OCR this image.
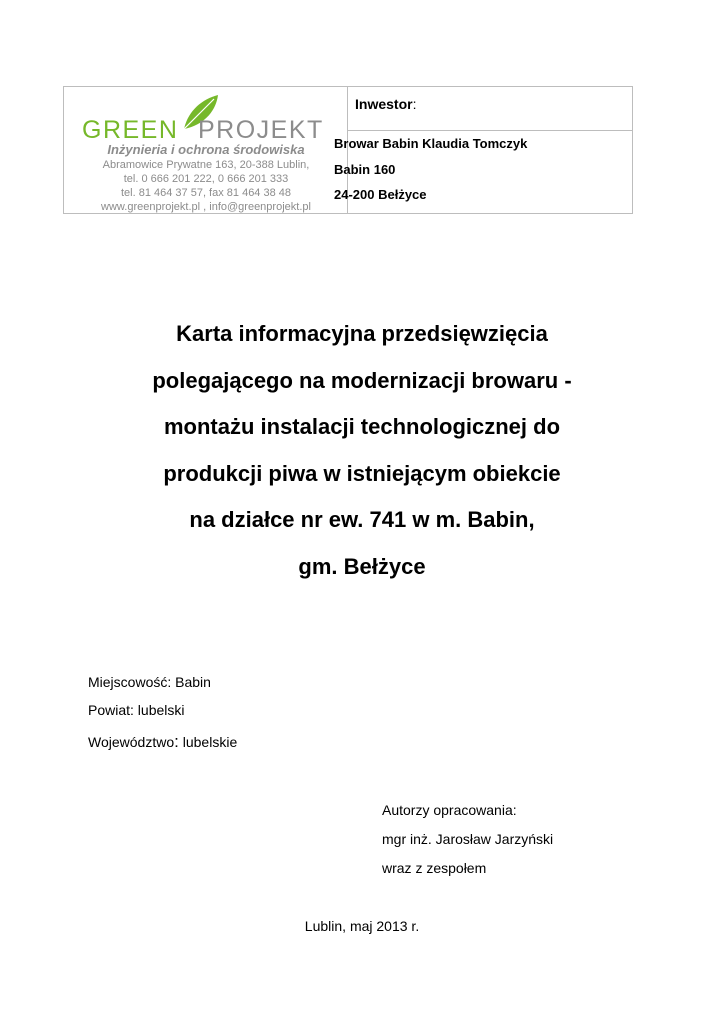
GREEN PROJEKT
Inżynieria i ochrona środowiska
Abramowice Prywatne 163, 20-388 Lublin,
tel. 0 666 201 222, 0 666 201 333
tel. 81 464 37 57, fax 81 464 38 48
www.greenprojekt.pl , info@greenprojekt.pl
Inwestor:
Browar Babin Klaudia Tomczyk
Babin 160
24-200 Bełżyce
Karta informacyjna przedsięwzięcia
polegającego na modernizacji browaru -
montażu instalacji technologicznej do
produkcji piwa w istniejącym obiekcie
na działce nr ew. 741 w m. Babin,
gm. Bełżyce
Miejscowość: Babin
Powiat: lubelski
Województwo: lubelskie
Autorzy opracowania:
mgr inż. Jarosław Jarzyński
wraz z zespołem
Lublin, maj 2013 r.
